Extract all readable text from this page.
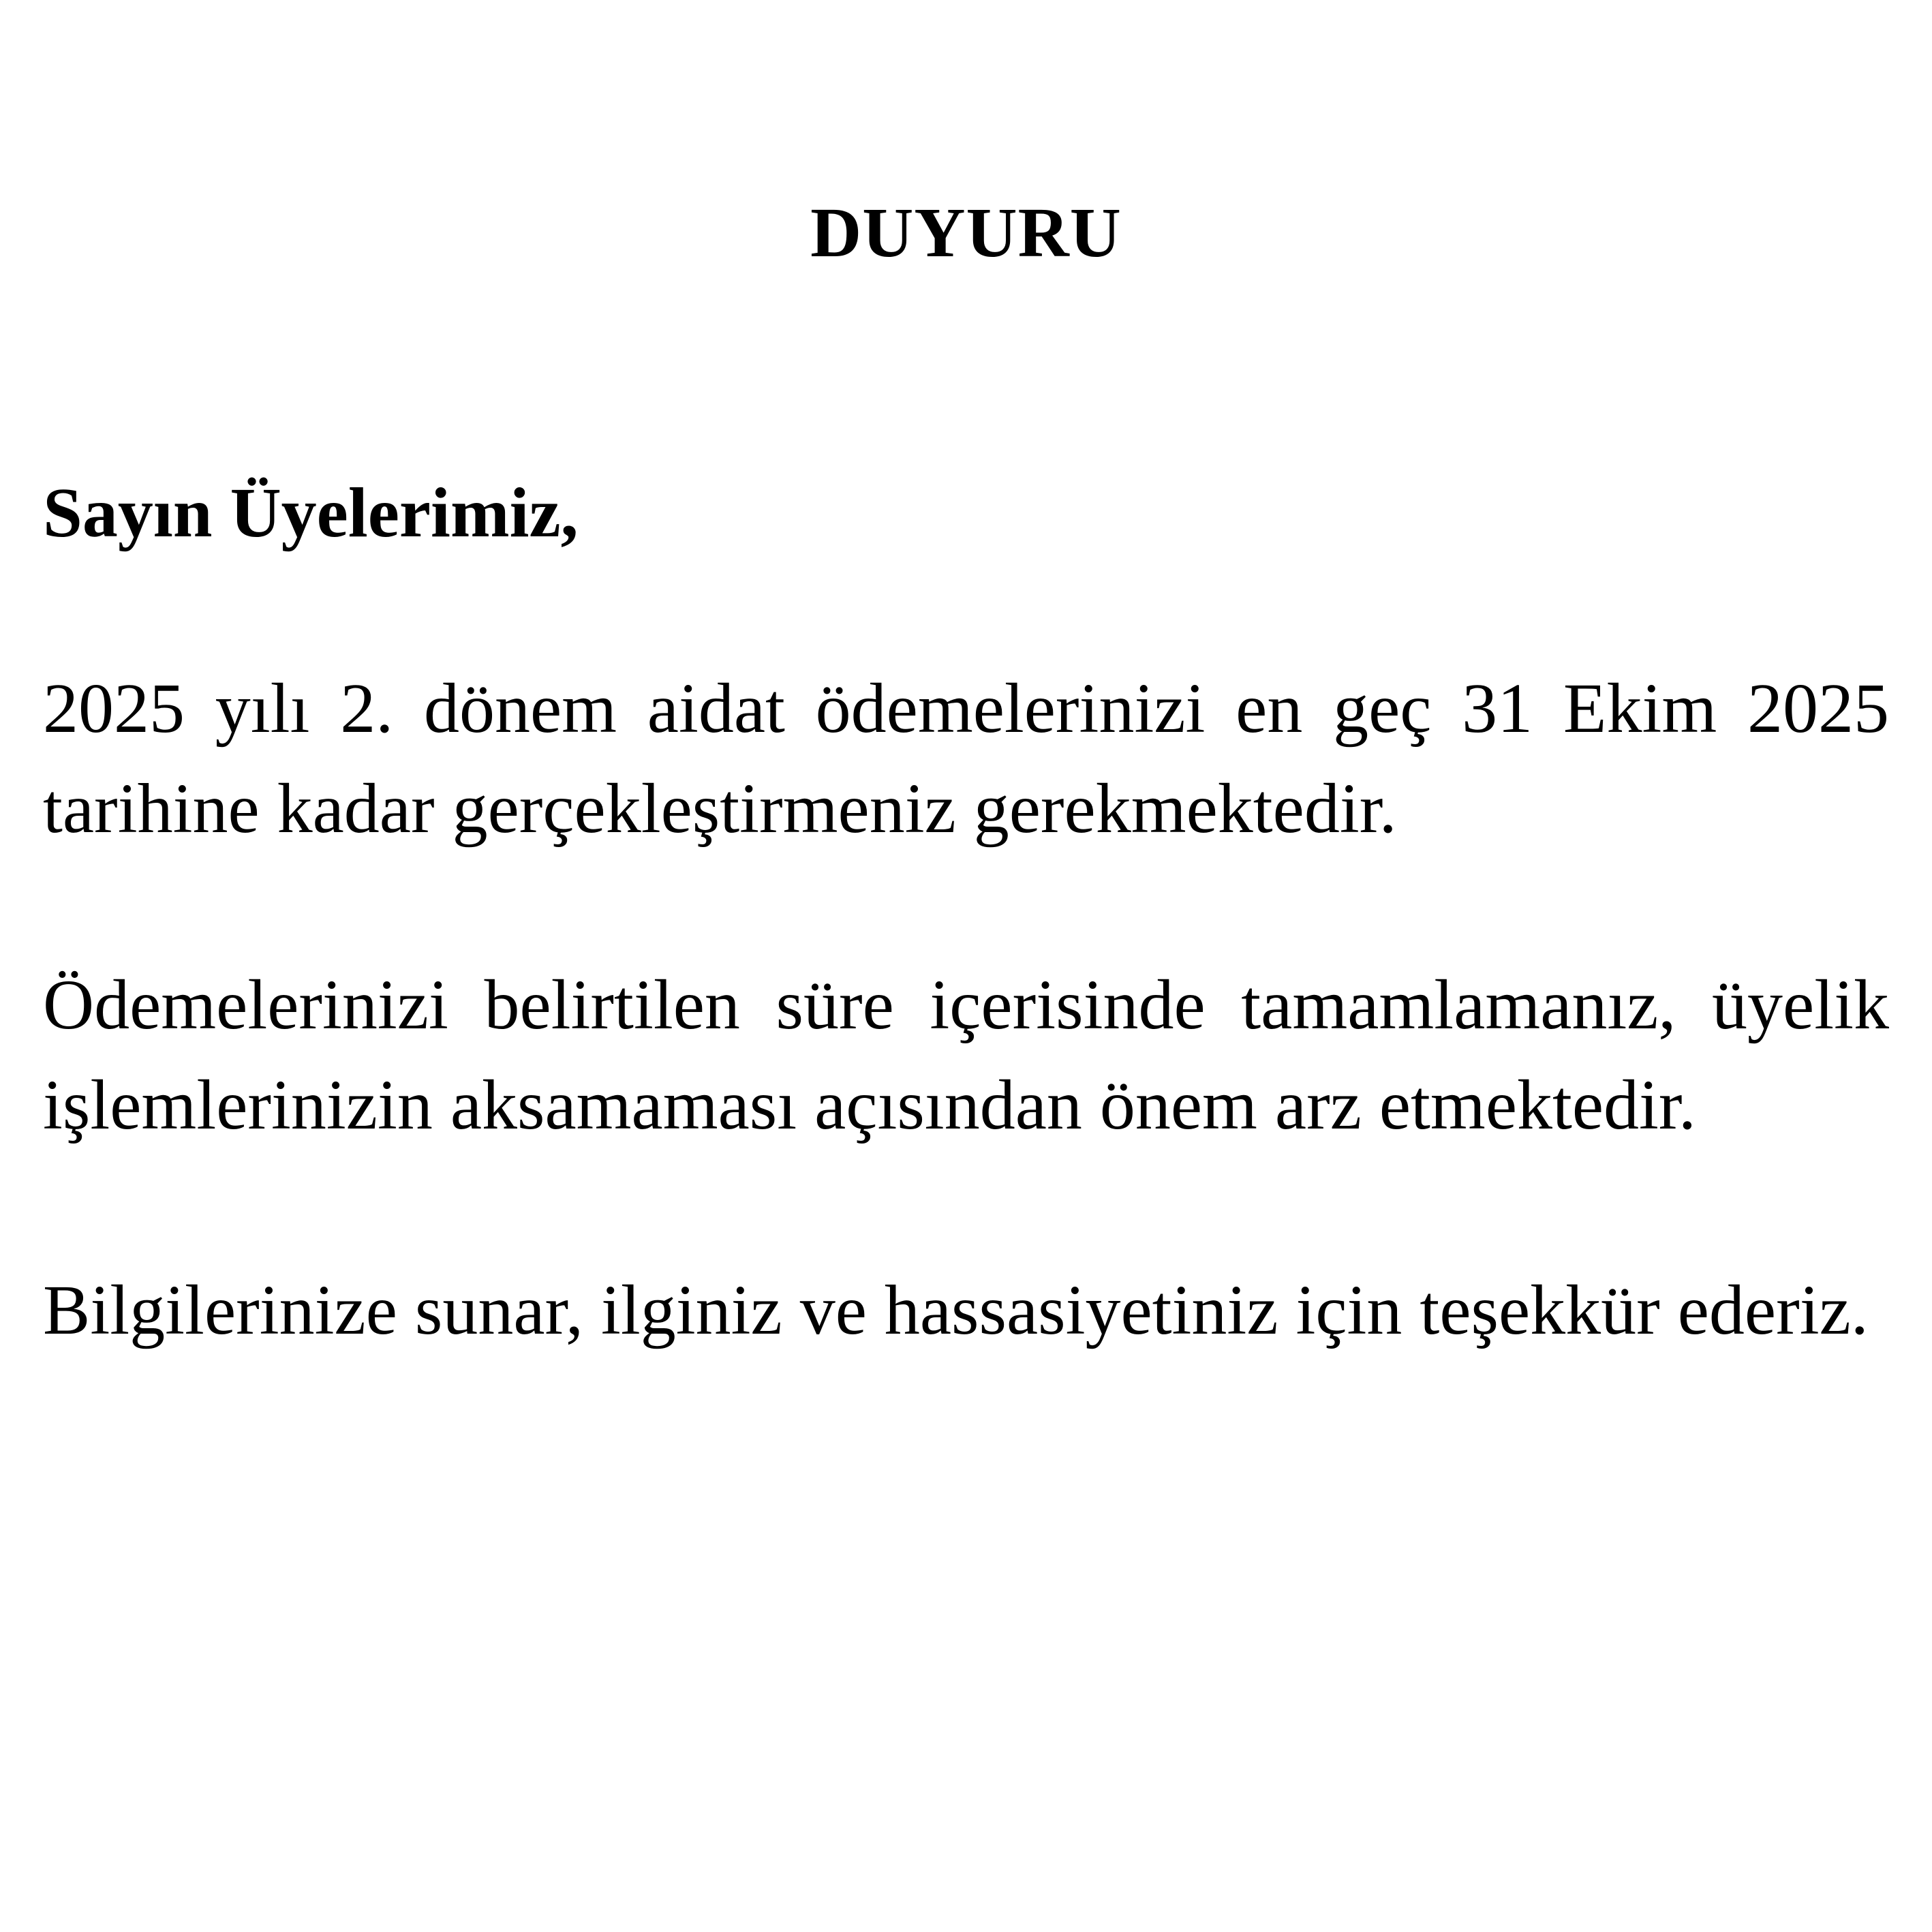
DUYURU
Sayın Üyelerimiz,
2025 yılı 2. dönem aidat ödemelerinizi en geç 31 Ekim 2025
tarihine kadar gerçekleştirmeniz gerekmektedir.
Ödemelerinizi belirtilen süre içerisinde tamamlamanız, üyelik
işlemlerinizin aksamaması açısından önem arz etmektedir.
Bilgilerinize sunar, ilginiz ve hassasiyetiniz için teşekkür ederiz.
